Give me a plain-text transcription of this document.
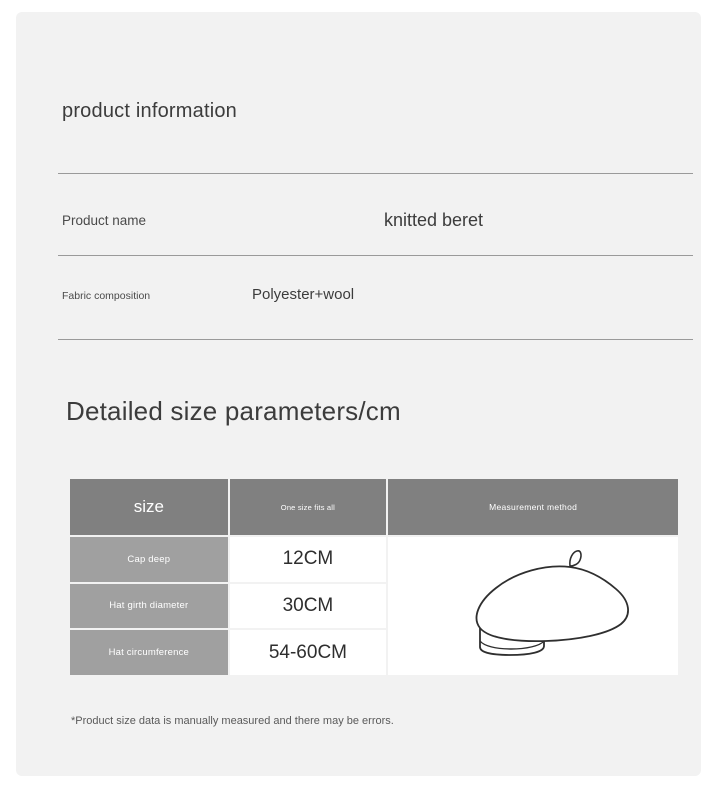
product information
Product name	knitted beret
Fabric composition	Polyester+wool
Detailed size parameters/cm
size	One size fits all	Measurement method
Cap deep	12CM	

Hat girth diameter	30CM	
Hat circumference	54-60CM	
*Product size data is manually measured and there may be errors.
